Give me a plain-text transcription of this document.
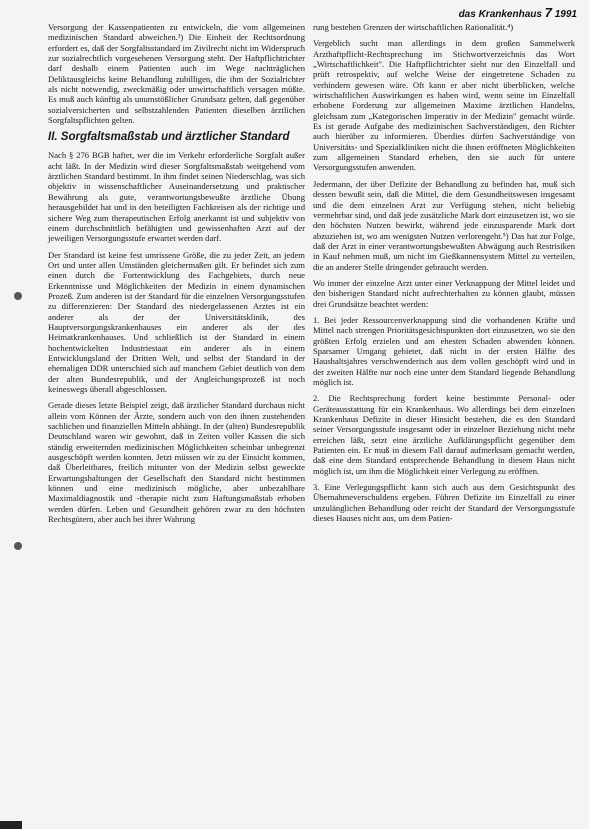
das Krankenhaus 7 1991

Versorgung der Kassenpatienten zu entwickeln, die vom allgemeinen medizinischen Standard abweichen.³) Die Einheit der Rechtsordnung erfordert es, daß der Sorgfaltsstandard im Zivilrecht nicht im Widerspruch zur sozialrechtlich vorgesehenen Versorgung steht. Der Haftpflichtrichter darf deshalb einem Patienten auch im Wege nachträglichen Deliktausgleichs keine Behandlung zubilligen, die ihm der Sozialrichter als nicht notwendig, zweckmäßig oder unwirtschaftlich versagen müßte. Es muß auch künftig als unumstößlicher Grundsatz gelten, daß gegenüber sozialversicherten und selbstzahlenden Patienten dieselben ärztlichen Sorgfaltspflichten gelten.

II. Sorgfaltsmaßstab und ärztlicher Standard

Nach § 276 BGB haftet, wer die im Verkehr erforderliche Sorgfalt außer acht läßt. In der Medizin wird dieser Sorgfaltsmaßstab weitgehend vom ärztlichen Standard bestimmt. In ihm findet seinen Niederschlag, was sich objektiv in wissenschaftlicher Auseinandersetzung und praktischer Bewährung als gute, verantwortungsbewußte ärztliche Übung herausgebildet hat und in den beteiligten Fachkreisen als der richtige und sichere Weg zum therapeutischen Erfolg anerkannt ist und subjektiv von einem durchschnittlich befähigten und gewissenhaften Arzt auf der jeweiligen Versorgungsstufe erwartet werden darf.

Der Standard ist keine fest umrissene Größe, die zu jeder Zeit, an jedem Ort und unter allen Umständen gleichermaßen gilt. Er befindet sich zum einen durch die Fortentwicklung des Fachgebiets, durch neue Erkenntnisse und Möglichkeiten der Medizin in einem dynamischen Prozeß. Zum anderen ist der Standard für die einzelnen Versorgungsstufen zu differenzieren: Der Standard des niedergelassenen Arztes ist ein anderer als der der Universitätsklinik, des Hauptversorgungskrankenhauses ein anderer als der des Heimatkrankenhauses. Und schließlich ist der Standard in einem hochentwickelten Industriestaat ein anderer als in einem Entwicklungsland der Dritten Welt, und selbst der Standard in der ehemaligen DDR unterschied sich auf manchem Gebiet deutlich von dem der alten Bundesrepublik, und der Angleichungsprozeß ist noch keineswegs überall abgeschlossen.

Gerade dieses letzte Beispiel zeigt, daß ärztlicher Standard durchaus nicht allein vom Können der Ärzte, sondern auch von den ihnen zustehenden sachlichen und finanziellen Mitteln abhängt. In der (alten) Bundesrepublik Deutschland waren wir gewohnt, daß in Zeiten voller Kassen die sich ständig erweiternden medizinischen Möglichkeiten scheinbar unbegrenzt ausgeschöpft werden konnten. Jetzt müssen wir zu der Einsicht kommen, daß Überleitbares, freilich mitunter von der Medizin selbst geweckte Erwartungshaltungen der Gesellschaft den Standard nicht bestimmen können und eine medizinisch mögliche, aber unbezahlbare Maximaldiagnostik und -therapie nicht zum Haftungsmaßstab erhoben werden dürfen. Leben und Gesundheit gehören zwar zu den höchsten Rechtsgütern, aber auch bei ihrer Wahrung

rung bestehen Grenzen der wirtschaftlichen Rationalität.⁴)

Vergeblich sucht man allerdings in dem großen Sammelwerk Arzthaftpflicht-Rechtsprechung im Stichwortverzeichnis das Wort „Wirtschaftlichkeit". Die Haftpflichtrichter sieht nur den Einzelfall und prüft retrospektiv, auf welche Weise der eingetretene Schaden zu verhindern gewesen wäre. Oft kann er aber nicht überblicken, welche wirtschaftlichen Auswirkungen es haben wird, wenn seine im Einzelfall erhobene Forderung zur allgemeinen Maxime ärztlichen Handelns, gleichsam zum „Kategorischen Imperativ in der Medizin" gemacht würde. Es ist gerade Aufgabe des medizinischen Sachverständigen, den Richter auch hierüber zu informieren. Überdies dürfen Sachverständige von Universitäts- und Spezialkliniken nicht die ihnen eröffneten Möglichkeiten zum allgemeinen Standard erheben, den sie auch für untere Versorgungsstufen anwenden.

Jedermann, der über Defizite der Behandlung zu befinden hat, muß sich dessen bewußt sein, daß die Mittel, die dem Gesundheitswesen insgesamt und die dem einzelnen Arzt zur Verfügung stehen, nicht beliebig vermehrbar sind, und daß jede zusätzliche Mark dort einzusetzen ist, wo sie den höchsten Nutzen bewirkt, während jede einzusparende Mark dort abzuziehen ist, wo am wenigsten Nutzen verlorengeht.⁵) Das hat zur Folge, daß der Arzt in einer verantwortungsbewußten Abwägung auch Restrisiken in Kauf nehmen muß, um nicht im Gießkannensystem Mittel zu verteilen, die an anderer Stelle dringender gebraucht werden.

Wo immer der einzelne Arzt unter einer Verknappung der Mittel leidet und den bisherigen Standard nicht aufrechterhalten zu können glaubt, müssen drei Grundsätze beachtet werden:

1. Bei jeder Ressourcenverknappung sind die vorhandenen Kräfte und Mittel nach strengen Prioritätsgesichtspunkten dort einzusetzen, wo sie den größten Erfolg erzielen und am ehesten Schaden abwenden können. Sparsamer Umgang gebietet, daß nicht in der ersten Hälfte des Haushaltsjahres verschwenderisch aus dem vollen geschöpft wird und in der zweiten Hälfte nur noch eine unter dem Standard liegende Behandlung möglich ist.

2. Die Rechtsprechung fordert keine bestimmte Personal- oder Geräteausstattung für ein Krankenhaus. Wo allerdings bei dem einzelnen Krankenhaus Defizite in dieser Hinsicht bestehen, die es den Standard seiner Versorgungsstufe insgesamt oder in einzelner Beziehung nicht mehr erreichen läßt, setzt eine ärztliche Aufklärungspflicht gegenüber dem Patienten ein. Er muß in diesem Fall darauf aufmerksam gemacht werden, daß eine dem Standard entsprechende Behandlung in diesem Haus nicht möglich ist, um ihm die Möglichkeit einer Verlegung zu eröffnen.

3. Eine Verlegungspflicht kann sich auch aus dem Gesichtspunkt des Übernahmeverschuldens ergeben. Führen Defizite im Einzelfall zu einer unzulänglichen Behandlung oder reicht der Standard der Versorgungsstufe dieses Hauses nicht aus, um dem Patien-
